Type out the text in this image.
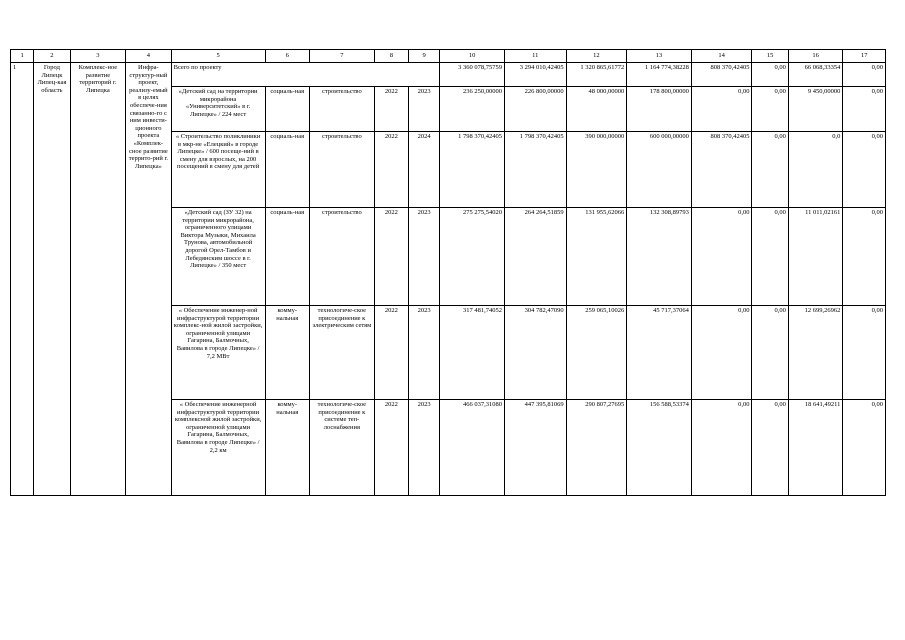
1	2	3	4	5	6	7	8	9	10	11	12	13	14	15	16	17
1	Город Липецк Липец-кая область	Комплекс-ное развитие территорий г. Липецка	Инфра-структур-ный проект, реализу-емый в целях обеспече-ния связанно-го с ним инвести-ционного проекта «Комплек-сное развитие террито-рий г. Липецка»	Всего по проекту					3 360 078,75759	3 294 010,42405	1 320 865,61772	1 164 774,38228	808 370,42405	0,00	66 068,33354	0,00
				«Детский сад на территории микрорайона «Университетский» в г. Липецке» / 224 мест	социаль-ная	строительство	2022	2023	236 250,00000	226 800,00000	48 000,00000	178 800,00000	0,00	0,00	9 450,00000	0,00
				« Строительство поликлиники в мкр-не «Елецкий» в городе Липецке» / 600 посеще-ний в смену для взрослых, на 200 посещений в смену для детей	социаль-ная	строительство	2022	2024	1 798 370,42405	1 798 370,42405	390 000,00000	600 000,00000	808 370,42405	0,00	0,0	0,00
				«Детский сад (ЗУ 32) на территории микрорайона, ограниченного улицами Виктора Музыки, Михаила Трунова, автомобильной дорогой Орел-Тамбов и Лебедянским шоссе в г. Липецке» / 350 мест	социаль-ная	строительство	2022	2023	275 275,54020	264 264,51859	131 955,62066	132 308,89793	0,00	0,00	11 011,02161	0,00
				« Обеспечение инженер-ной инфраструктурой территории комплекс-ной жилой застройки, ограниченной улицами Гагарина, Балмочных, Вавилова в городе Липецке» / 7,2 МВт	комму-нальная	технологиче-ское присоединение к электрическим сетям	2022	2023	317 481,74052	304 782,47090	259 065,10026	45 717,37064	0,00	0,00	12 699,26962	0,00
				« Обеспечение инженерной инфраструктурой территории комплексной жилой застройки, ограниченной улицами Гагарина, Балмочных, Вавилова в городе Липецке» / 2,2 км	комму-нальная	технологиче-ское присоединение к системе теп-лоснабжения	2022	2023	466 037,31080	447 395,81069	290 807,27695	156 588,53374	0,00	0,00	18 641,49211	0,00
